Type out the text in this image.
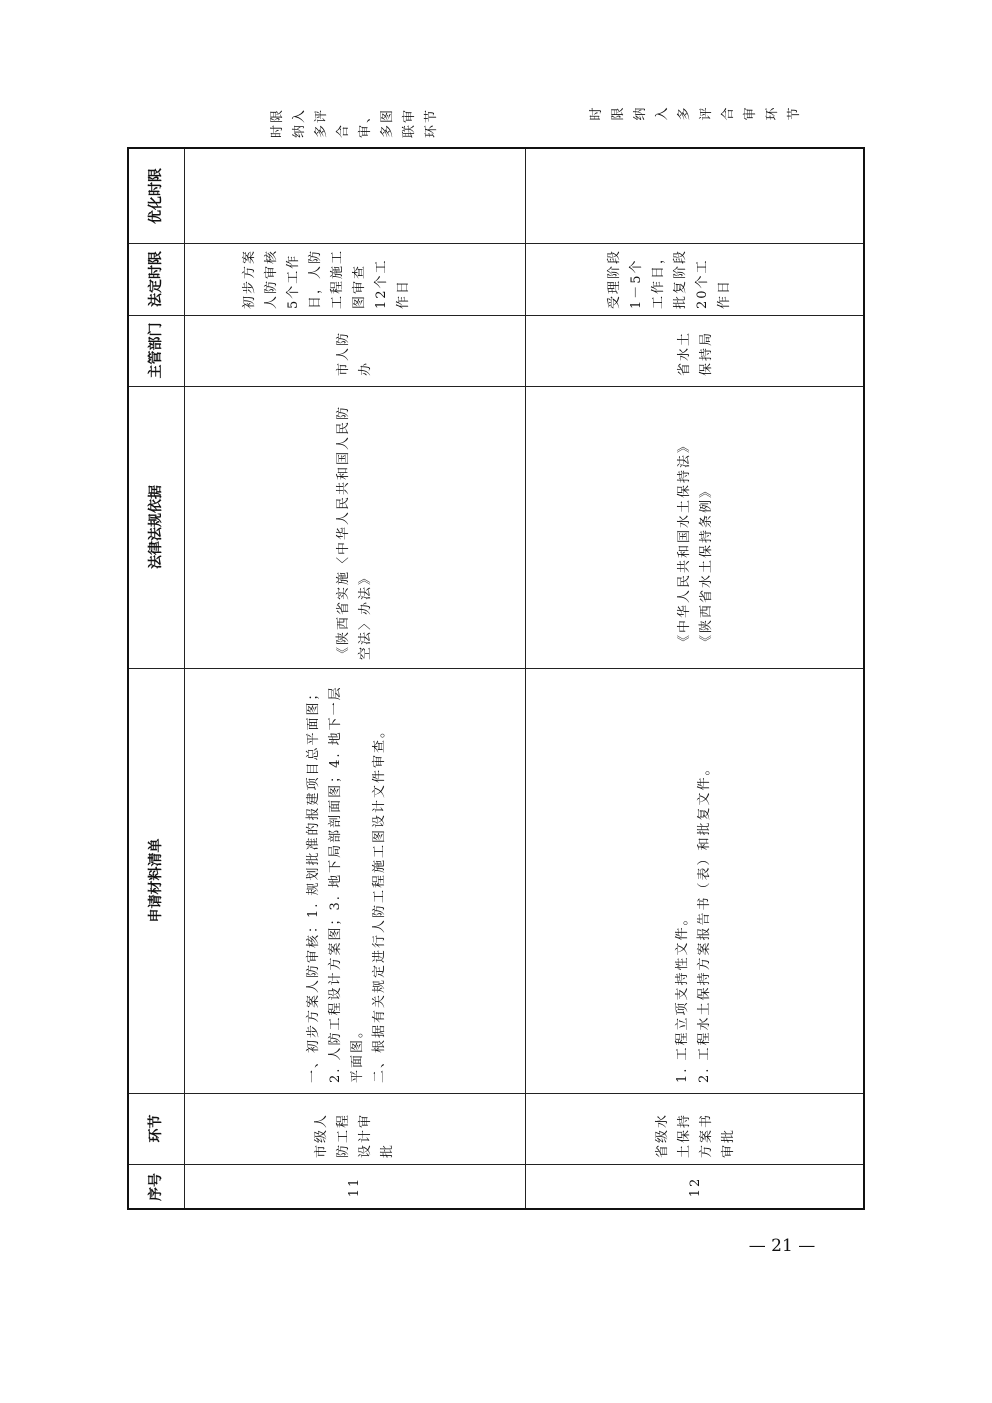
优化时限
法定时限
主管部门
法律法规依据
申请材料清单
环节
序号
时限纳入多评合审、多图联审环节
初步方案人防审核5个工作日，人防工程施工图审查12个工作日
市人防办
《陕西省实施〈中华人民共和国人民防空法〉办法》
一、初步方案人防审核：1. 规划批准的报建项目总平面图；2. 人防工程设计方案图；3. 地下局部剖面图；4. 地下一层平面图。 二、根据有关规定进行人防工程施工图设计文件审查。
市级人防工程设计审批
11
时限纳入多评合审环节
受理阶段1－5个工作日，批复阶段20个工作日
省水土保持局
《中华人民共和国水土保持法》 《陕西省水土保持条例》
1. 工程立项支持性文件。 2. 工程水土保持方案报告书（表）和批复文件。
省级水土保持方案书审批
12
— 21 —
